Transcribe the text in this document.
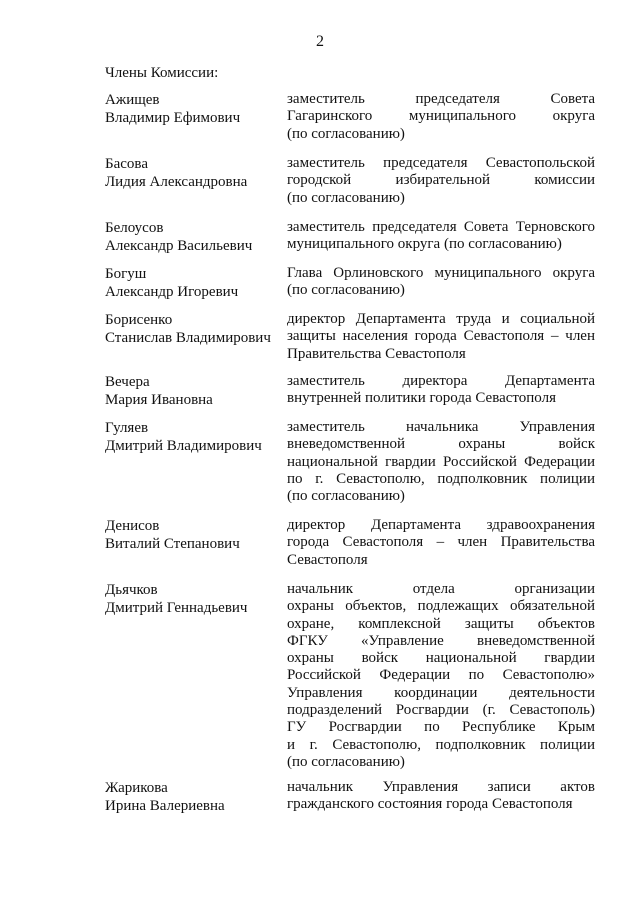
2
Члены Комиссии:
Ажищев
Владимир Ефимович
заместитель председателя Совета
Гагаринского муниципального округа
(по согласованию)
Басова
Лидия Александровна
заместитель председателя Севастопольской
городской избирательной комиссии
(по согласованию)
Белоусов
Александр Васильевич
заместитель председателя Совета Терновского
муниципального округа (по согласованию)
Богуш
Александр Игоревич
Глава Орлиновского муниципального округа
(по согласованию)
Борисенко
Станислав Владимирович
директор Департамента труда и социальной
защиты населения города Севастополя – член
Правительства Севастополя
Вечера
Мария Ивановна
заместитель директора Департамента
внутренней политики города Севастополя
Гуляев
Дмитрий Владимирович
заместитель начальника Управления
вневедомственной охраны войск
национальной гвардии Российской Федерации
по г. Севастополю, подполковник полиции
(по согласованию)
Денисов
Виталий Степанович
директор Департамента здравоохранения
города Севастополя – член Правительства
Севастополя
Дьячков
Дмитрий Геннадьевич
начальник отдела организации
охраны объектов, подлежащих обязательной
охране, комплексной защиты объектов
ФГКУ «Управление вневедомственной
охраны войск национальной гвардии
Российской Федерации по Севастополю»
Управления координации деятельности
подразделений Росгвардии (г. Севастополь)
ГУ Росгвардии по Республике Крым
и г. Севастополю, подполковник полиции
(по согласованию)
Жарикова
Ирина Валериевна
начальник Управления записи актов
гражданского состояния города Севастополя
